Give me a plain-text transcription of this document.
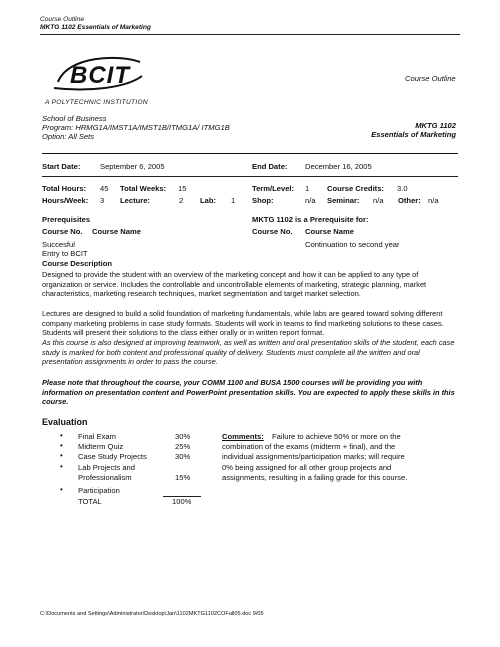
Course Outline
MKTG 1102 Essentials of Marketing
BCIT
A POLYTECHNIC INSTITUTION
Course Outline
School of Business
Program: HRMG1A/IMST1A/IMST1B/ITMG1A/ ITMG1B
Option: All Sets
MKTG 1102
Essentials of Marketing
Start Date:	September 6, 2005	End Date: December 16, 2005
Total Hours: 45 Total Weeks: 15	Term/Level: 1 Course Credits: 3.0
Hours/Week: 3 Lecture:	2 Lab: 1 Shop:	n/a Seminar: n/a Other: n/a
Prerequisites
Course No. Course Name
Succesful
Entry to BCIT
MKTG 1102 is a Prerequisite for:
Course No. Course Name
Continuation to second year
Course Description
Designed to provide the student with an overview of the marketing concept and how it can be applied to any type of organization or service. Includes the controllable and uncontrollable elements of marketing, strategic planning, market characteristics, marketing research techniques, market segmentation and target market selection.
Lectures are designed to build a solid foundation of marketing fundamentals, while labs are geared toward solving different company marketing problems in case study formats. Students will work in teams to find marketing solutions to these cases. Students will present their solutions to the class either orally or in written report format.
As this course is also designed at improving teamwork, as well as written and oral presentation skills of the student, each case study is marked for both content and professional quality of delivery. Students must complete all the written and oral presentation assignments in order to pass the course.
Please note that throughout the course, your COMM 1100 and BUSA 1500 courses will be providing you with information on presentation content and PowerPoint presentation skills. You are expected to apply these skills in this course.
Evaluation
• Final Exam	30%
• Midterm Quiz	25%
• Case Study Projects	30%
• Lab Projects and
Professionalism	15%
• Participation
TOTAL	100%
Comments: Failure to achieve 50% or more on the
combination of the exams (midterm + final), and the
individual assignments/participation marks; will require
0% being assigned for all other group projects and
assignments, resulting in a failing grade for this course.
C:\Documents and Settings\Administrator\Desktop\Jan\1102MKTG1102COFall05.doc 9/05
